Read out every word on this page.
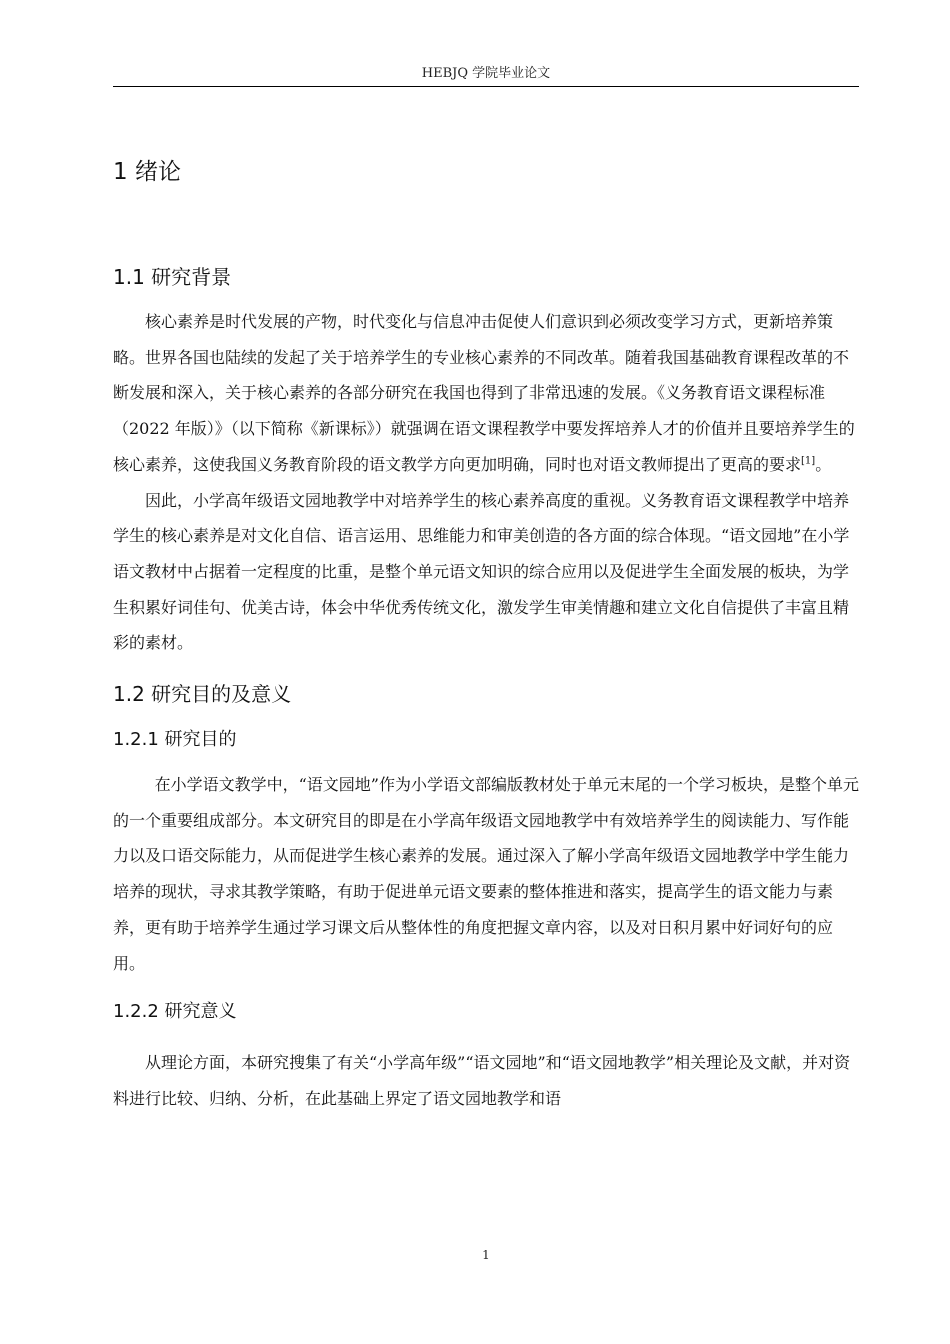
HEBJQ 学院毕业论文
1 绪论
1.1 研究背景

核心素养是时代发展的产物，时代变化与信息冲击促使人们意识到必须改变学习方式，更新培养策略。世界各国也陆续的发起了关于培养学生的专业核心素养的不同改革。随着我国基础教育课程改革的不断发展和深入，关于核心素养的各部分研究在我国也得到了非常迅速的发展。《义务教育语文课程标准（2022 年版）》（以下简称《新课标》）就强调在语文课程教学中要发挥培养人才的价值并且要培养学生的核心素养，这使我国义务教育阶段的语文教学方向更加明确，同时也对语文教师提出了更高的要求[1]。

因此，小学高年级语文园地教学中对培养学生的核心素养高度的重视。义务教育语文课程教学中培养学生的核心素养是对文化自信、语言运用、思维能力和审美创造的各方面的综合体现。“语文园地”在小学语文教材中占据着一定程度的比重，是整个单元语文知识的综合应用以及促进学生全面发展的板块，为学生积累好词佳句、优美古诗，体会中华优秀传统文化，激发学生审美情趣和建立文化自信提供了丰富且精彩的素材。

1.2 研究目的及意义
1.2.1 研究目的

在小学语文教学中，“语文园地”作为小学语文部编版教材处于单元末尾的一个学习板块，是整个单元的一个重要组成部分。本文研究目的即是在小学高年级语文园地教学中有效培养学生的阅读能力、写作能力以及口语交际能力，从而促进学生核心素养的发展。通过深入了解小学高年级语文园地教学中学生能力培养的现状，寻求其教学策略，有助于促进单元语文要素的整体推进和落实，提高学生的语文能力与素养，更有助于培养学生通过学习课文后从整体性的角度把握文章内容，以及对日积月累中好词好句的应用。

1.2.2 研究意义

从理论方面，本研究搜集了有关“小学高年级”“语文园地”和“语文园地教学”相关理论及文献，并对资料进行比较、归纳、分析，在此基础上界定了语文园地教学和语

1
